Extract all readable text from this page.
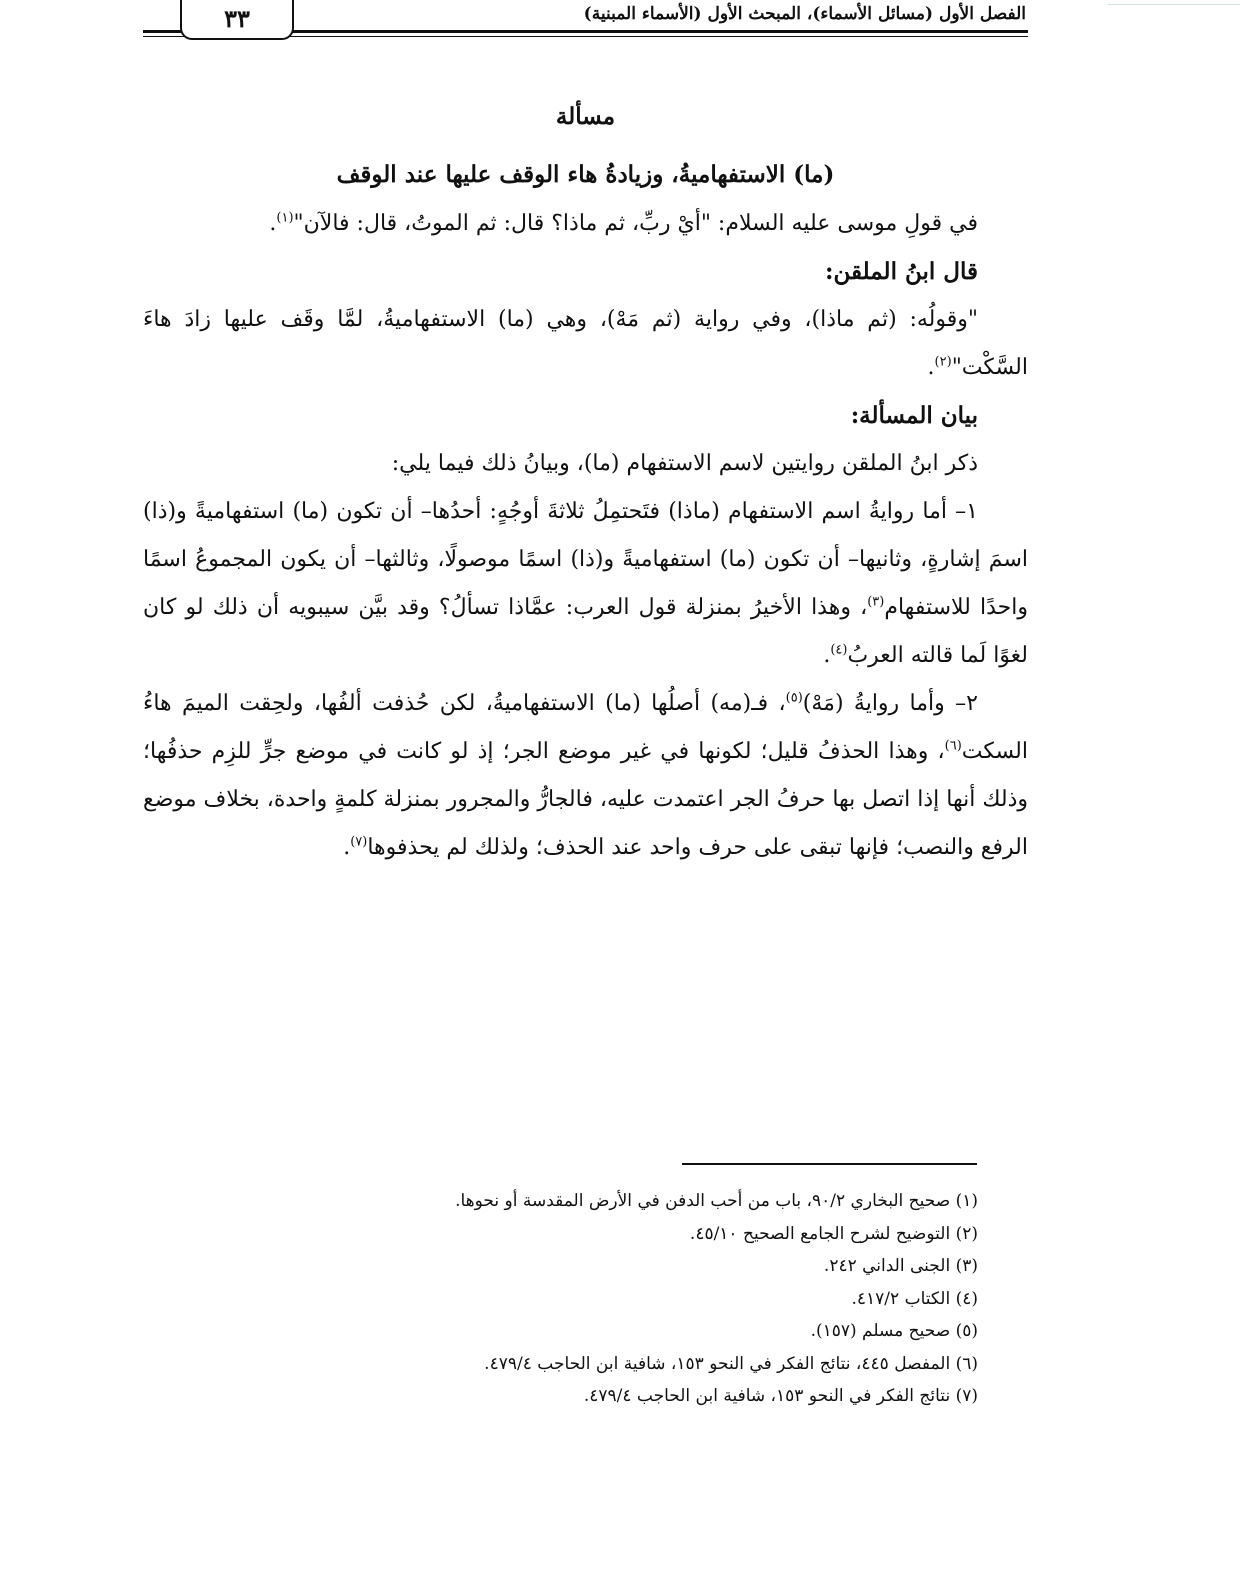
٣٣	الفصل الأول (مسائل الأسماء)، المبحث الأول (الأسماء المبنية)

مسألة

(ما) الاستفهاميةُ، وزيادةُ هاء الوقف عليها عند الوقف

في قولِ موسى عليه السلام: "أيْ ربِّ، ثم ماذا؟ قال: ثم الموتُ، قال: فالآن"$^{(١)}$.

قال ابنُ الملقن:

"وقولُه: (ثم ماذا)، وفي رواية (ثم مَهْ)، وهي (ما) الاستفهاميةُ، لمَّا وقَف عليها زادَ هاءَ السَّكْت"$^{(٢)}$.

بيان المسألة:

ذكر ابنُ الملقن روايتين لاسم الاستفهام (ما)، وبيانُ ذلك فيما يلي:

١– أما روايةُ اسم الاستفهام (ماذا) فتَحتمِلُ ثلاثةَ أوجُهٍ: أحدُها– أن تكون (ما) استفهاميةً و(ذا) اسمَ إشارةٍ، وثانيها– أن تكون (ما) استفهاميةً و(ذا) اسمًا موصولًا، وثالثها– أن يكون المجموعُ اسمًا واحدًا للاستفهام$^{(٣)}$، وهذا الأخيرُ بمنزلة قول العرب: عمَّاذا تسألُ؟ وقد بيَّن سيبويه أن ذلك لو كان لغوًا لَما قالته العربُ$^{(٤)}$.

٢– وأما روايةُ (مَهْ)$^{(٥)}$، فـ(مه) أصلُها (ما) الاستفهاميةُ، لكن حُذفت ألفُها، ولحِقت الميمَ هاءُ السكت$^{(٦)}$، وهذا الحذفُ قليل؛ لكونها في غير موضع الجر؛ إذ لو كانت في موضع جرٍّ للزِم حذفُها؛ وذلك أنها إذا اتصل بها حرفُ الجر اعتمدت عليه، فالجارُّ والمجرور بمنزلة كلمةٍ واحدة، بخلاف موضع الرفع والنصب؛ فإنها تبقى على حرف واحد عند الحذف؛ ولذلك لم يحذفوها$^{(٧)}$.

(١) صحيح البخاري ٩٠/٢، باب من أحب الدفن في الأرض المقدسة أو نحوها.
(٢) التوضيح لشرح الجامع الصحيح ٤٥/١٠.
(٣) الجنى الداني ٢٤٢.
(٤) الكتاب ٤١٧/٢.
(٥) صحيح مسلم (١٥٧).
(٦) المفصل ٤٤٥، نتائج الفكر في النحو ١٥٣، شافية ابن الحاجب ٤٧٩/٤.
(٧) نتائج الفكر في النحو ١٥٣، شافية ابن الحاجب ٤٧٩/٤.
